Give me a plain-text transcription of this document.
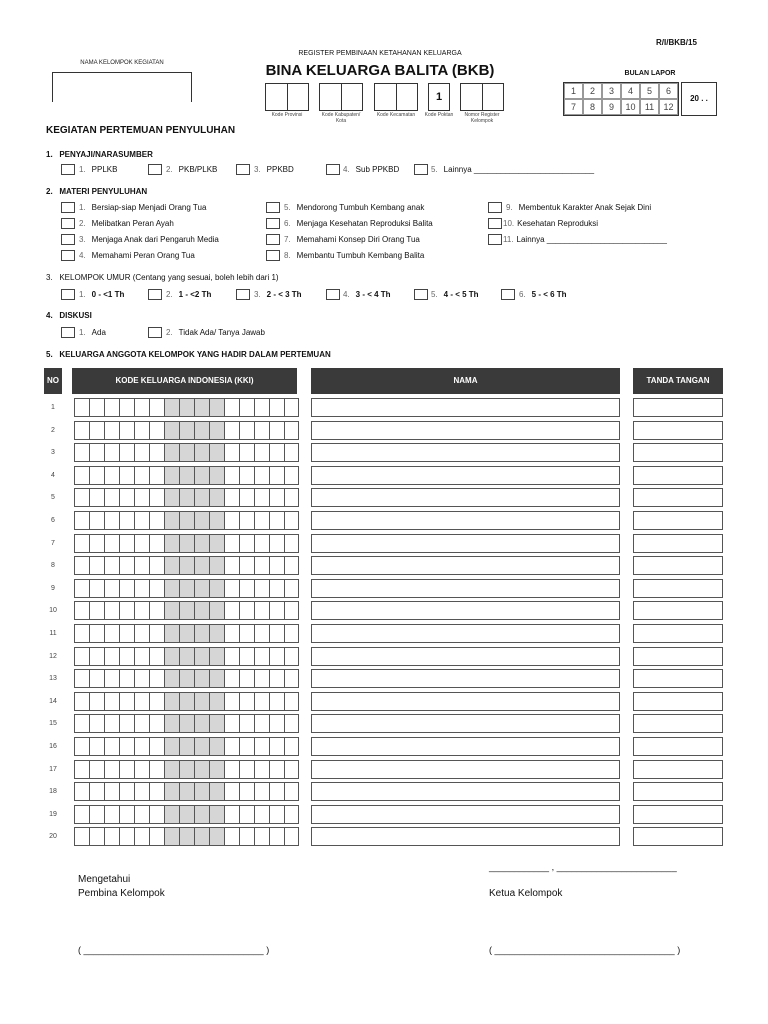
R/I/BKB/15
NAMA KELOMPOK KEGIATAN
REGISTER PEMBINAAN KETAHANAN KELUARGA
BINA KELUARGA BALITA (BKB)
Kode Provinsi	Kode Kabupaten/ Kota
Kode Kecamatan
1
Kode Poktan	Nomor Register Kelompok
BULAN LAPOR
1	2	3	4	5	6
7	8	9	10	11	12
20 . .
KEGIATAN PERTEMUAN PENYULUHAN
1. PENYAJI/NARASUMBER
1. PPLKB	2. PKB/PLKB	3. PPKBD	4. Sub PPKBD	5. Lainnya ___________________________
2. MATERI PENYULUHAN
1. Bersiap-siap Menjadi Orang Tua
2. Melibatkan Peran Ayah
3. Menjaga Anak dari Pengaruh Media
4. Memahami Peran Orang Tua
5. Mendorong Tumbuh Kembang anak
6. Menjaga Kesehatan Reproduksi Balita
7. Memahami Konsep Diri Orang Tua
8. Membantu Tumbuh Kembang Balita
9. Membentuk Karakter Anak Sejak Dini
10. Kesehatan Reproduksi
11. Lainnya ___________________________
3. KELOMPOK UMUR (Centang yang sesuai, boleh lebih dari 1)
1. 0 - <1 Th	2. 1 - <2 Th	3. 2 - < 3 Th	4. 3 - < 4 Th	5. 4 - < 5 Th	6. 5 - < 6 Th
4. DISKUSI
1. Ada	2. Tidak Ada/ Tanya Jawab
5. KELUARGA ANGGOTA KELOMPOK YANG HADIR DALAM PERTEMUAN
NO	KODE KELUARGA INDONESIA (KKI)	NAMA	TANDA TANGAN
1
2
3
4
5
6
7
8
9
10
11
12
13
14
15
16
17
18
19
20
____________ , ________________________
Mengetahui
Pembina Kelompok	Ketua Kelompok
( ____________________________________ )	( ____________________________________ )
